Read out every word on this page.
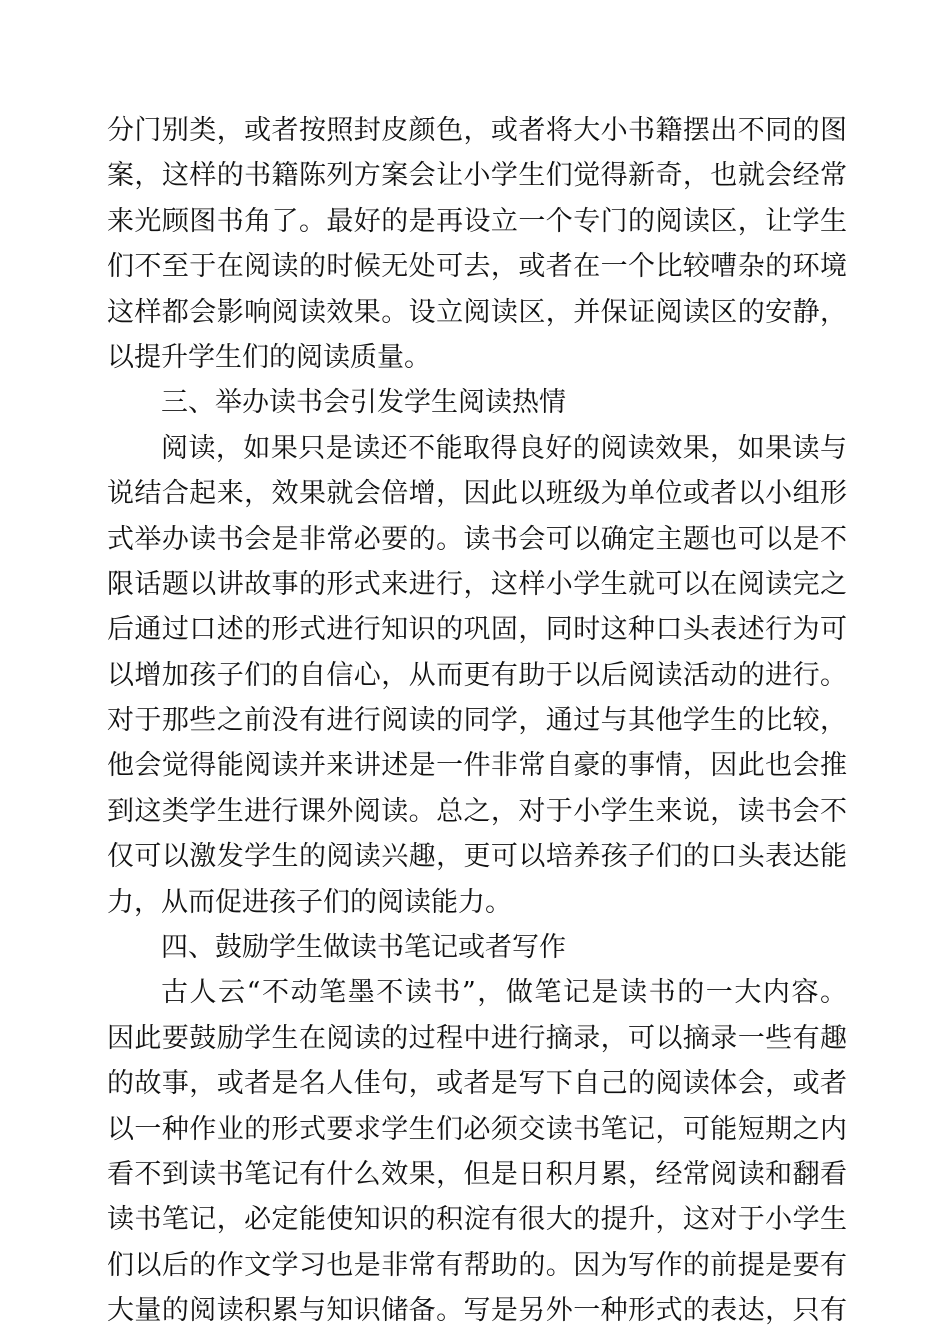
分门别类，或者按照封皮颜色，或者将大小书籍摆出不同的图
案，这样的书籍陈列方案会让小学生们觉得新奇，也就会经常
来光顾图书角了。最好的是再设立一个专门的阅读区，让学生
们不至于在阅读的时候无处可去，或者在一个比较嘈杂的环境
这样都会影响阅读效果。设立阅读区，并保证阅读区的安静，
以提升学生们的阅读质量。
三、举办读书会引发学生阅读热情
阅读，如果只是读还不能取得良好的阅读效果，如果读与
说结合起来，效果就会倍增，因此以班级为单位或者以小组形
式举办读书会是非常必要的。读书会可以确定主题也可以是不
限话题以讲故事的形式来进行，这样小学生就可以在阅读完之
后通过口述的形式进行知识的巩固，同时这种口头表述行为可
以增加孩子们的自信心，从而更有助于以后阅读活动的进行。
对于那些之前没有进行阅读的同学，通过与其他学生的比较，
他会觉得能阅读并来讲述是一件非常自豪的事情，因此也会推
到这类学生进行课外阅读。总之，对于小学生来说，读书会不
仅可以激发学生的阅读兴趣，更可以培养孩子们的口头表达能
力，从而促进孩子们的阅读能力。
四、鼓励学生做读书笔记或者写作
古人云“不动笔墨不读书”，做笔记是读书的一大内容。
因此要鼓励学生在阅读的过程中进行摘录，可以摘录一些有趣
的故事，或者是名人佳句，或者是写下自己的阅读体会，或者
以一种作业的形式要求学生们必须交读书笔记，可能短期之内
看不到读书笔记有什么效果，但是日积月累，经常阅读和翻看
读书笔记，必定能使知识的积淀有很大的提升，这对于小学生
们以后的作文学习也是非常有帮助的。因为写作的前提是要有
大量的阅读积累与知识储备。写是另外一种形式的表达，只有
